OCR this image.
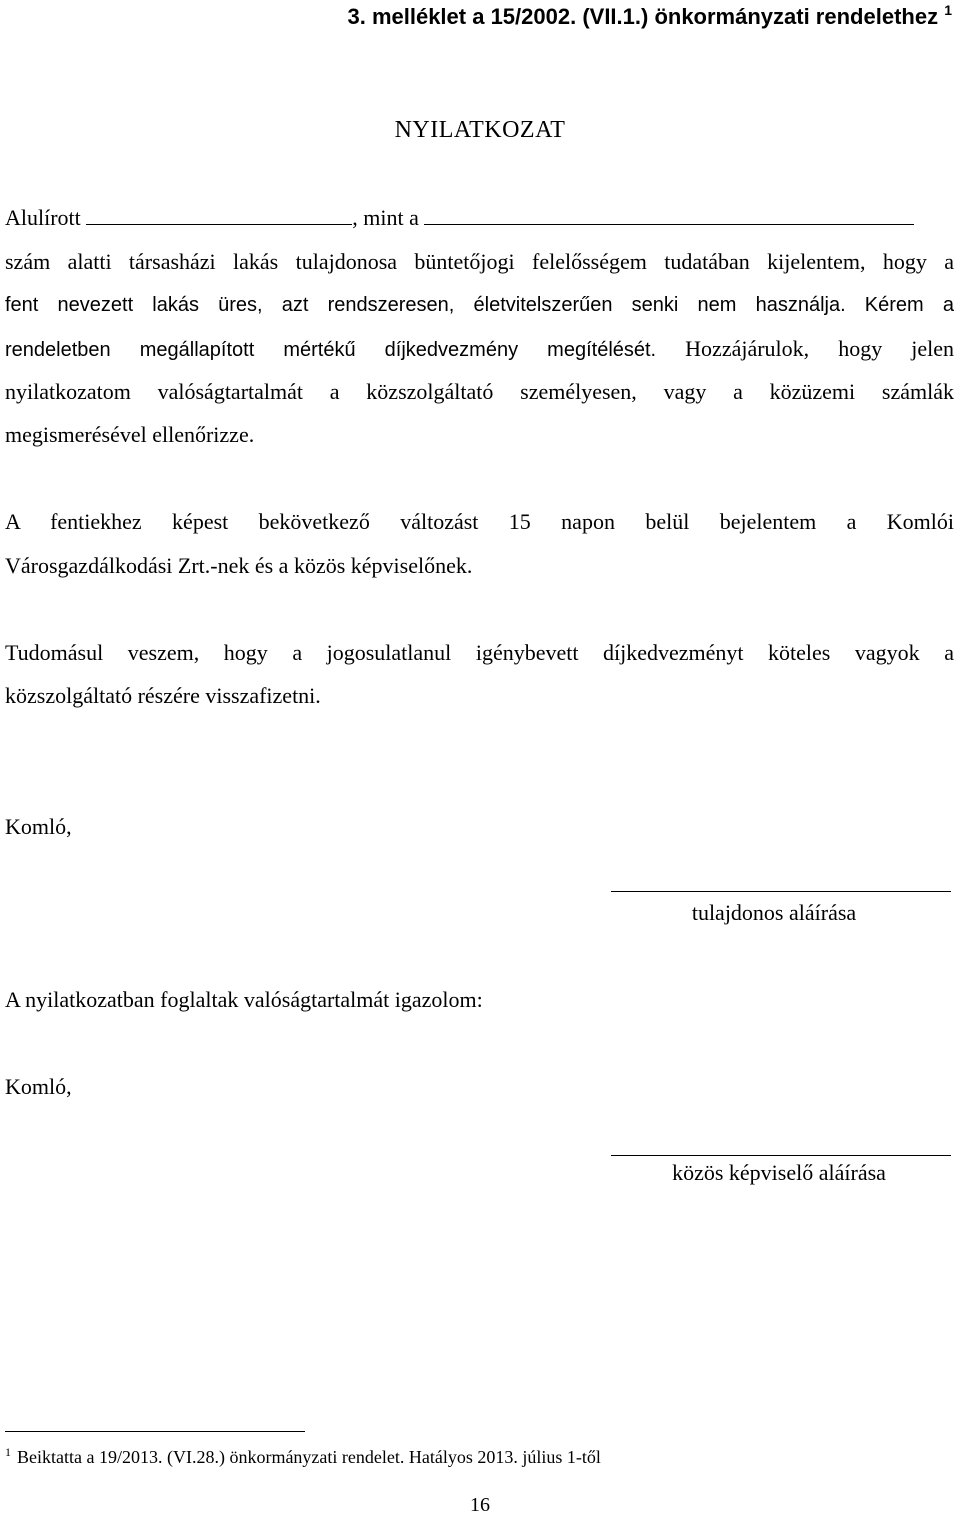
3. melléklet a 15/2002. (VII.1.) önkormányzati rendelethez $^1$
NYILATKOZAT
Alulírott	, mint a
szám alatti társasházi lakás tulajdonosa büntetőjogi felelősségem tudatában kijelentem, hogy a
fent nevezett lakás üres, azt rendszeresen, életvitelszerűen senki nem használja. Kérem a
rendeletben megállapított mértékű díjkedvezmény megítélését. Hozzájárulok, hogy jelen
nyilatkozatom valóságtartalmát a közszolgáltató személyesen, vagy a közüzemi számlák
megismerésével ellenőrizze.
A fentiekhez képest bekövetkező változást 15 napon belül bejelentem a Komlói
Városgazdálkodási Zrt.-nek és a közös képviselőnek.
Tudomásul veszem, hogy a jogosulatlanul igénybevett díjkedvezményt köteles vagyok a
közszolgáltató részére visszafizetni.
Komló,
tulajdonos aláírása
A nyilatkozatban foglaltak valóságtartalmát igazolom:
Komló,
közös képviselő aláírása
$^1$ Beiktatta a 19/2013. (VI.28.) önkormányzati rendelet. Hatályos 2013. július 1-től
16
